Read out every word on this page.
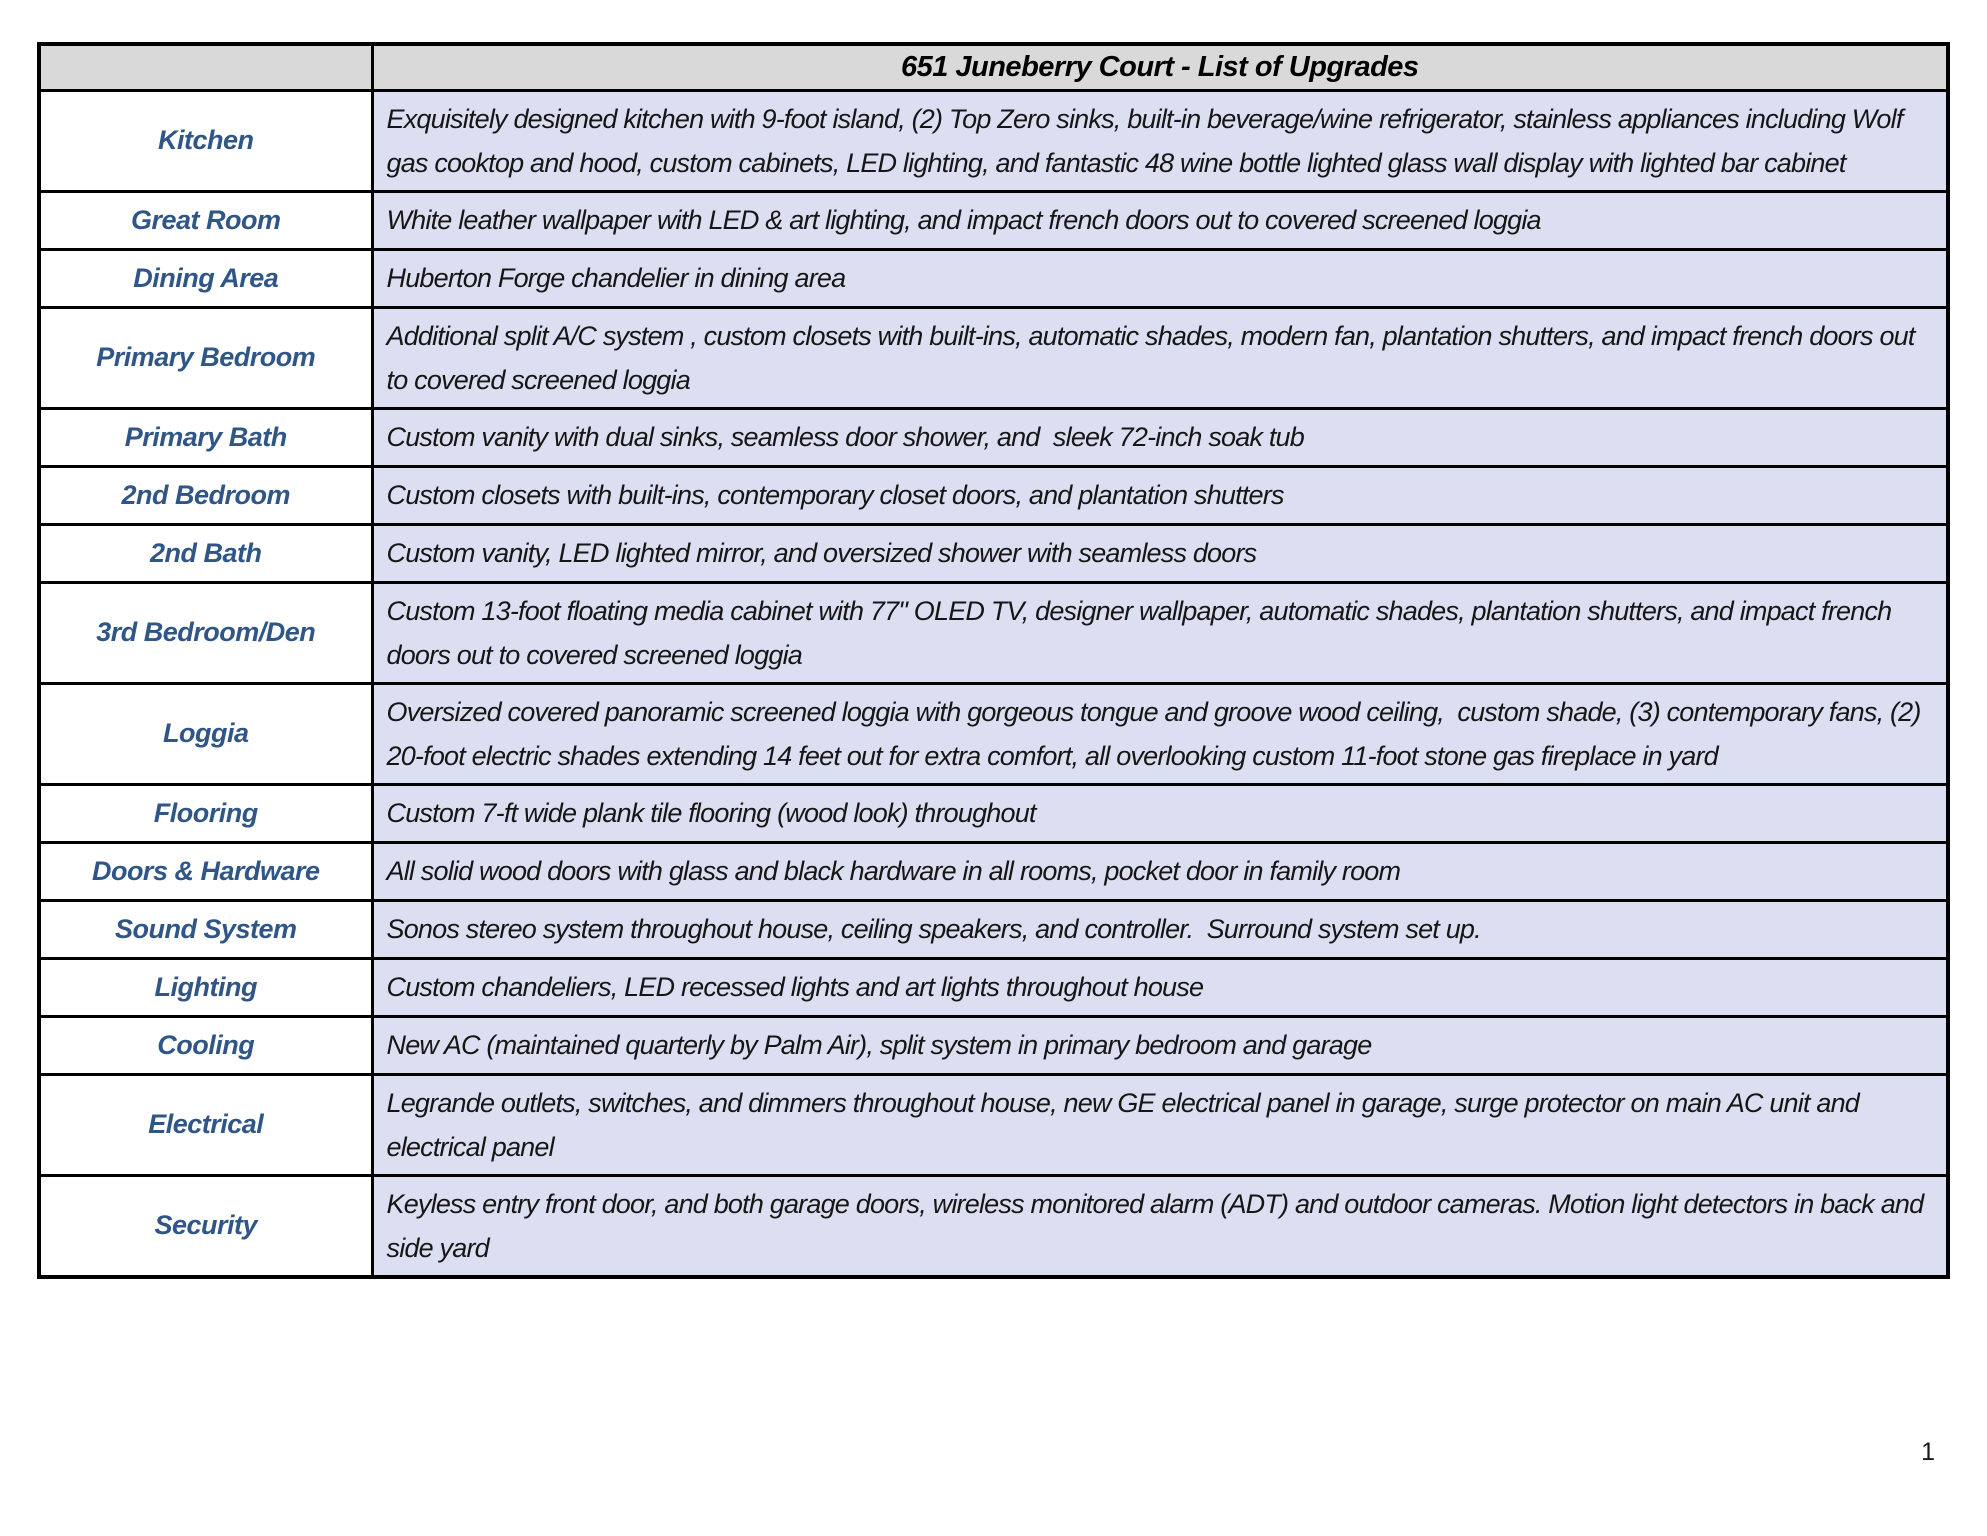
	651 Juneberry Court - List of Upgrades
Kitchen	Exquisitely designed kitchen with 9-foot island, (2) Top Zero sinks, built-in beverage/wine refrigerator, stainless appliances including Wolf gas cooktop and hood, custom cabinets, LED lighting, and fantastic 48 wine bottle lighted glass wall display with lighted bar cabinet
Great Room	White leather wallpaper with LED & art lighting, and impact french doors out to covered screened loggia
Dining Area	Huberton Forge chandelier in dining area
Primary Bedroom	Additional split A/C system , custom closets with built-ins, automatic shades, modern fan, plantation shutters, and impact french doors out to covered screened loggia
Primary Bath	Custom vanity with dual sinks, seamless door shower, and  sleek 72-inch soak tub
2nd Bedroom	Custom closets with built-ins, contemporary closet doors, and plantation shutters
2nd Bath	Custom vanity, LED lighted mirror, and oversized shower with seamless doors
3rd Bedroom/Den	Custom 13-foot floating media cabinet with 77" OLED TV, designer wallpaper, automatic shades, plantation shutters, and impact french doors out to covered screened loggia
Loggia	Oversized covered panoramic screened loggia with gorgeous tongue and groove wood ceiling,  custom shade, (3) contemporary fans, (2) 20-foot electric shades extending 14 feet out for extra comfort, all overlooking custom 11-foot stone gas fireplace in yard
Flooring	Custom 7-ft wide plank tile flooring (wood look) throughout
Doors & Hardware	All solid wood doors with glass and black hardware in all rooms, pocket door in family room
Sound System	Sonos stereo system throughout house, ceiling speakers, and controller.  Surround system set up.
Lighting	Custom chandeliers, LED recessed lights and art lights throughout house
Cooling	New AC (maintained quarterly by Palm Air), split system in primary bedroom and garage
Electrical	Legrande outlets, switches, and dimmers throughout house, new GE electrical panel in garage, surge protector on main AC unit and electrical panel
Security	Keyless entry front door, and both garage doors, wireless monitored alarm (ADT) and outdoor cameras. Motion light detectors in back and side yard
1
